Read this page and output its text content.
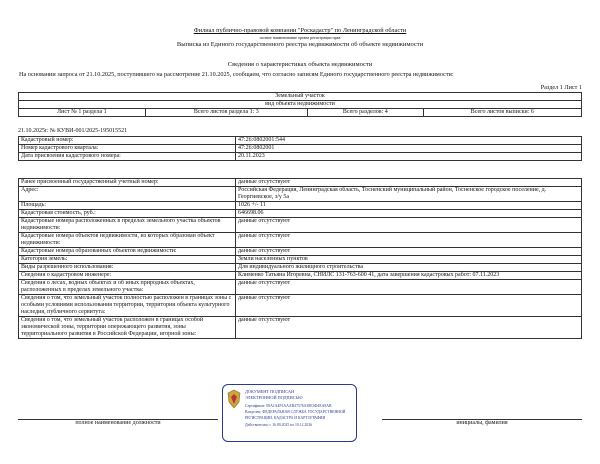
Филиал публично-правовой компании "Роскадастр" по Ленинградской области
полное наименование органа регистрации прав
Выписка из Единого государственного реестра недвижимости об объекте недвижимости
Сведения о характеристиках объекта недвижимости
На основании запроса от 21.10.2025, поступившего на рассмотрение 21.10.2025, сообщаем, что согласно записям Единого государственного реестра недвижимости:
Раздел 1 Лист 1
Земельный участок
вид объекта недвижимости
Лист № 1 раздела 1	Всего листов раздела 1: 3	Всего разделов: 4	Всего листов выписки: 6
21.10.2025г. № КУВИ-001/2025-195015521
Кадастровый номер:	47:26:0802001:544
Номер кадастрового квартала:	47:26:0802001
Дата присвоения кадастрового номера:	20.11.2023
Ранее присвоенный государственный учетный номер:	данные отсутствуют
Адрес:	Российская Федерация, Ленинградская область, Тосненский муниципальный район, Тосненское городское поселение, д. Георгиевское, з/у 5а
Площадь:	1026 +/- 11
Кадастровая стоимость, руб.:	646698.06
Кадастровые номера расположенных в пределах земельного участка объектов недвижимости:	данные отсутствуют
Кадастровые номера объектов недвижимости, из которых образован объект недвижимости:	данные отсутствуют
Кадастровые номера образованных объектов недвижимости:	данные отсутствуют
Категория земель:	Земли населенных пунктов
Виды разрешенного использования:	Для индивидуального жилищного строительства
Сведения о кадастровом инженере:	Клименко Татьяна Игоревна, СНИЛС 131-763-600 41, дата завершения кадастровых работ: 07.11.2023
Сведения о лесах, водных объектах и об иных природных объектах, расположенных в пределах земельного участка:	данные отсутствуют
Сведения о том, что земельный участок полностью расположен в границах зоны с особыми условиями использования территории, территории объекта культурного наследия, публичного сервитута:	данные отсутствуют
Сведения о том, что земельный участок расположен в границах особой экономической зоны, территории опережающего развития, зоны территориального развития в Российской Федерации, игорной зоны:	данные отсутствуют
полное наименование должности	инициалы, фамилия
ДОКУМЕНТ ПОДПИСАН
ЭЛЕКТРОННОЙ ПОДПИСЬЮ
Сертификат: 00А1А4Р1АААВ47576А38Е3Ф4ЕА8АВ
Владелец: ФЕДЕРАЛЬНАЯ СЛУЖБА ГОСУДАРСТВЕННОЙ
РЕГИСТРАЦИИ, КАДАСТРА И КАРТОГРАФИИ
Действителен: с 16.09.2025 по 10.12.2026
